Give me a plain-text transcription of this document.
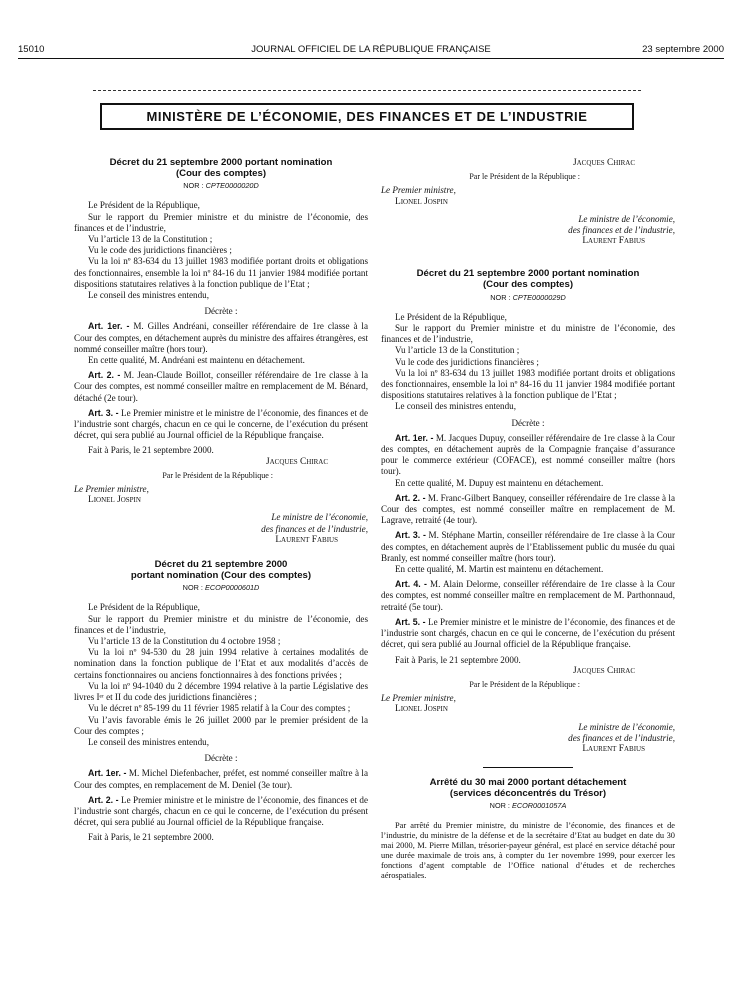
15010	JOURNAL OFFICIEL DE LA RÉPUBLIQUE FRANÇAISE	23 septembre 2000
MINISTÈRE DE L’ÉCONOMIE, DES FINANCES ET DE L’INDUSTRIE
Décret du 21 septembre 2000 portant nomination
(Cour des comptes)
NOR : CPTE0000020D

Le Président de la République,

Sur le rapport du Premier ministre et du ministre de l’économie, des finances et de l’industrie,

Vu l’article 13 de la Constitution ;

Vu le code des juridictions financières ;

Vu la loi nº 83-634 du 13 juillet 1983 modifiée portant droits et obligations des fonctionnaires, ensemble la loi nº 84-16 du 11 janvier 1984 modifiée portant dispositions statutaires relatives à la fonction publique de l’Etat ;

Le conseil des ministres entendu,

Décrète :

Art. 1er. - M. Gilles Andréani, conseiller référendaire de 1re classe à la Cour des comptes, en détachement auprès du ministre des affaires étrangères, est nommé conseiller maître (hors tour).

En cette qualité, M. Andréani est maintenu en détachement.

Art. 2. - M. Jean-Claude Boillot, conseiller référendaire de 1re classe à la Cour des comptes, est nommé conseiller maître en remplacement de M. Bénard, détaché (2e tour).

Art. 3. - Le Premier ministre et le ministre de l’économie, des finances et de l’industrie sont chargés, chacun en ce qui le concerne, de l’exécution du présent décret, qui sera publié au Journal officiel de la République française.

Fait à Paris, le 21 septembre 2000.

Jacques Chirac
Par le Président de la République :
Le Premier ministre,
Lionel Jospin
Le ministre de l’économie,
des finances et de l’industrie,
Laurent Fabius
Décret du 21 septembre 2000
portant nomination (Cour des comptes)
NOR : ECOP0000601D

Le Président de la République,

Sur le rapport du Premier ministre et du ministre de l’économie, des finances et de l’industrie,

Vu l’article 13 de la Constitution du 4 octobre 1958 ;

Vu la loi nº 94-530 du 28 juin 1994 relative à certaines modalités de nomination dans la fonction publique de l’Etat et aux modalités d’accès de certains fonctionnaires ou anciens fonctionnaires à des fonctions privées ;

Vu la loi nº 94-1040 du 2 décembre 1994 relative à la partie Législative des livres Iᵉʳ et II du code des juridictions financières ;

Vu le décret nº 85-199 du 11 février 1985 relatif à la Cour des comptes ;

Vu l’avis favorable émis le 26 juillet 2000 par le premier président de la Cour des comptes ;

Le conseil des ministres entendu,

Décrète :

Art. 1er. - M. Michel Diefenbacher, préfet, est nommé conseiller maître à la Cour des comptes, en remplacement de M. Deniel (3e tour).

Art. 2. - Le Premier ministre et le ministre de l’économie, des finances et de l’industrie sont chargés, chacun en ce qui le concerne, de l’exécution du présent décret, qui sera publié au Journal officiel de la République française.

Fait à Paris, le 21 septembre 2000.

Jacques Chirac
Par le Président de la République :
Le Premier ministre,
Lionel Jospin
Le ministre de l’économie,
des finances et de l’industrie,
Laurent Fabius
Décret du 21 septembre 2000 portant nomination
(Cour des comptes)
NOR : CPTE0000029D

Le Président de la République,

Sur le rapport du Premier ministre et du ministre de l’économie, des finances et de l’industrie,

Vu l’article 13 de la Constitution ;

Vu le code des juridictions financières ;

Vu la loi nº 83-634 du 13 juillet 1983 modifiée portant droits et obligations des fonctionnaires, ensemble la loi nº 84-16 du 11 janvier 1984 modifiée portant dispositions statutaires relatives à la fonction publique de l’Etat ;

Le conseil des ministres entendu,

Décrète :

Art. 1er. - M. Jacques Dupuy, conseiller référendaire de 1re classe à la Cour des comptes, en détachement auprès de la Compagnie française d’assurance pour le commerce extérieur (COFACE), est nommé conseiller maître (hors tour).

En cette qualité, M. Dupuy est maintenu en détachement.

Art. 2. - M. Franc-Gilbert Banquey, conseiller référendaire de 1re classe à la Cour des comptes, est nommé conseiller maître en remplacement de M. Lagrave, retraité (4e tour).

Art. 3. - M. Stéphane Martin, conseiller référendaire de 1re classe à la Cour des comptes, en détachement auprès de l’Etablissement public du musée du quai Branly, est nommé conseiller maître (hors tour).

En cette qualité, M. Martin est maintenu en détachement.

Art. 4. - M. Alain Delorme, conseiller référendaire de 1re classe à la Cour des comptes, est nommé conseiller maître en remplacement de M. Parthonnaud, retraité (5e tour).

Art. 5. - Le Premier ministre et le ministre de l’économie, des finances et de l’industrie sont chargés, chacun en ce qui le concerne, de l’exécution du présent décret, qui sera publié au Journal officiel de la République française.

Fait à Paris, le 21 septembre 2000.

Jacques Chirac
Par le Président de la République :
Le Premier ministre,
Lionel Jospin
Le ministre de l’économie,
des finances et de l’industrie,
Laurent Fabius
Arrêté du 30 mai 2000 portant détachement
(services déconcentrés du Trésor)
NOR : ECOR0001057A

Par arrêté du Premier ministre, du ministre de l’économie, des finances et de l’industrie, du ministre de la défense et de la secrétaire d’Etat au budget en date du 30 mai 2000, M. Pierre Millan, trésorier-payeur général, est placé en service détaché pour une durée maximale de trois ans, à compter du 1er novembre 1999, pour exercer les fonctions d’agent comptable de l’Office national d’études et de recherches aérospatiales.
